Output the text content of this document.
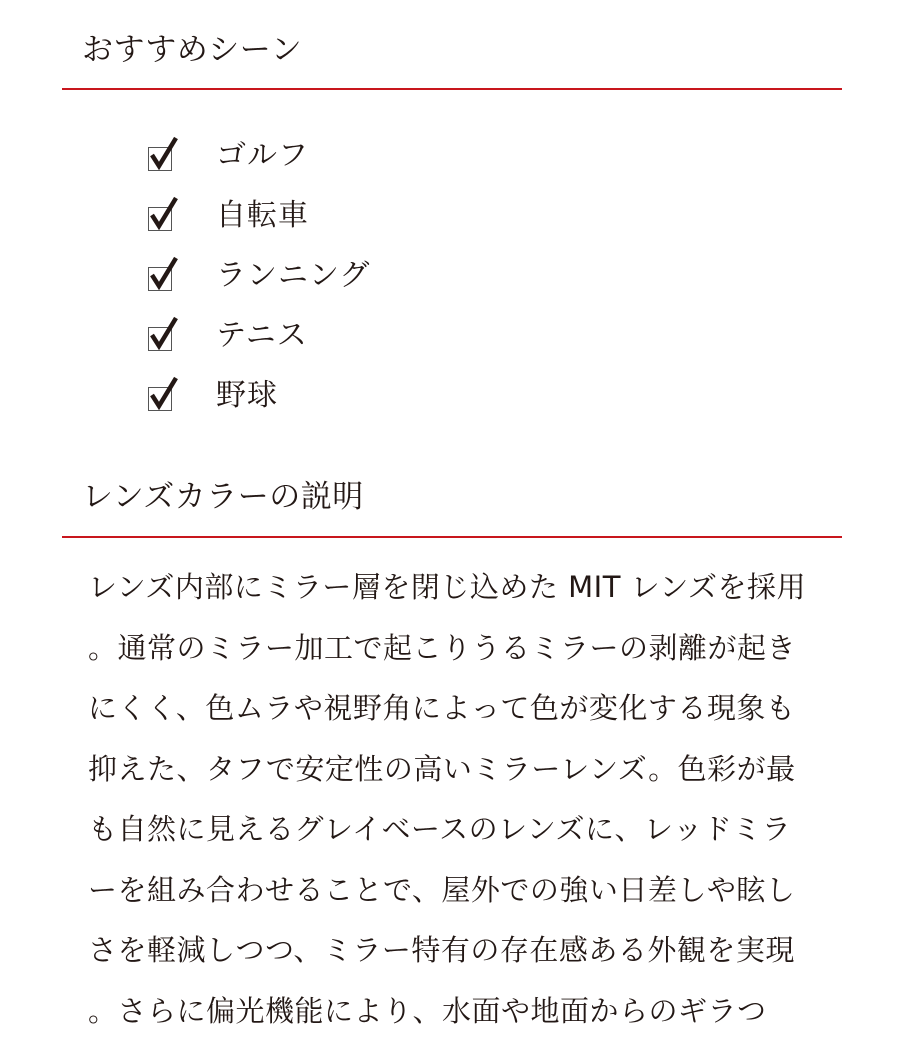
おすすめシーン
ゴルフ
自転車
ランニング
テニス
野球
レンズカラーの説明

レンズ内部にミラー層を閉じ込めた MIT レンズを採用。通常のミラー加工で起こりうるミラーの剥離が起きにくく、色ムラや視野角によって色が変化する現象も抑えた、タフで安定性の高いミラーレンズ。色彩が最も自然に見えるグレイベースのレンズに、レッドミラーを組み合わせることで、屋外での強い日差しや眩しさを軽減しつつ、ミラー特有の存在感ある外観を実現。さらに偏光機能により、水面や地面からのギラつ
